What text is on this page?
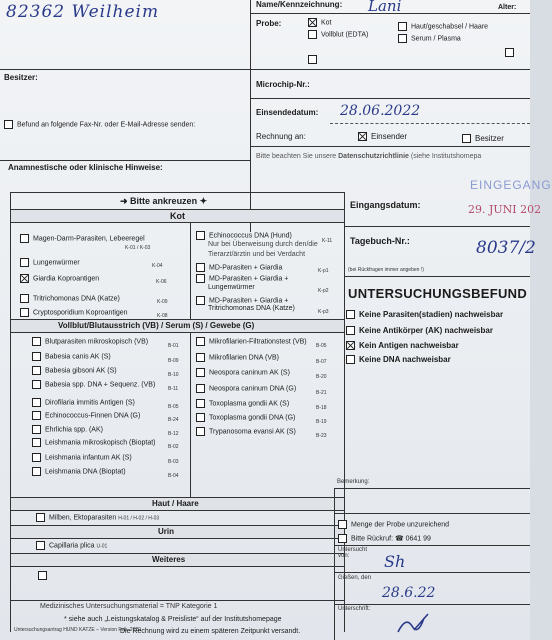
82362 Weilheim	Name/Kennzeichnung: Lani	Alter:
Probe:	Kot
Vollblut (EDTA)
Haut/geschabsel / Haare
Serum / Plasma
Besitzer:
Microchip-Nr.:
Einsendedatum: 28.06.2022
Befund an folgende Fax-Nr. oder E-Mail-Adresse senden:
Rechnung an:	Einsender	Besitzer
Bitte beachten Sie unsere Datenschutzrichtlinie (siehe Institutshomepa
Anamnestische oder klinische Hinweise:
EINGEGANG
➜ Bitte ankreuzen ✦
Kot
Magen-Darm-Parasiten, Lebeeregel
K-01 / K-03
Lungenwürmer	K-04
Giardia Koproantigen	K-06
Tritrichomonas DNA (Katze)	K-09
Cryptosporidium Koproantigen	K-08
Echinococcus DNA (Hund)
K-11
Nur bei Überweisung durch den/die
Tierarzt/ärztin und bei Verdacht
MD-Parasiten + Giardia	K-p1
MD-Parasiten + Giardia +
Lungenwürmer	K-p2
MD-Parasiten + Giardia +
Tritrichomonas DNA (Katze)	K-p3
Vollblut/Blutausstrich (VB) / Serum (S) / Gewebe (G)
Blutparasiten mikroskopisch (VB)
B-01
Babesia canis AK (S)
B-09
Babesia gibsoni AK (S)
B-10
Babesia spp. DNA + Sequenz. (VB)
B-11
Dirofilaria immitis Antigen (S)
B-05
Echinococcus-Finnen DNA (G)
B-24
Ehrlichia spp. (AK)
B-12
Leishmania mikroskopisch (Bioptat)
B-02
Leishmania infantum AK (S)
B-03
Leishmania DNA (Bioptat)
B-04
Mikrofilarien-Filtrationstest (VB)
B-05
Mikrofilarien DNA (VB)
B-07
Neospora caninum AK (S)
B-20
Neospora caninum DNA (G)
B-21
Toxoplasma gondii AK (S)
B-18
Toxoplasma gondii DNA (G)
B-19
Trypanosoma evansi AK (S)
B-23
Haut / Haare
Milben, Ektoparasiten H-01 / H-02 / H-03
Urin
Capillaria plica U-01
Weiteres
Medizinisches Untersuchungsmaterial = TNP Kategorie 1
* siehe auch „Leistungskatalog & Preisliste“ auf der Institutshomepage
Untersuchungsantrag HUND KATZE – Version Feb. 2020
Die Rechnung wird zu einem späteren Zeitpunkt versandt.
Eingangsdatum:	29. JUNI 202
Tagebuch-Nr.:	8037/2
(bei Rückfragen immer angeben !)
UNTERSUCHUNGSBEFUND
Keine Parasiten(stadien) nachweisbar
Keine Antikörper (AK) nachweisbar
Kein Antigen nachweisbar
Keine DNA nachweisbar
Bemerkung:
Menge der Probe unzureichend
Bitte Rückruf: ☎ 0641 99
Untersucht von:	Sh
Gießen, den
28.6.22
Unterschrift:
